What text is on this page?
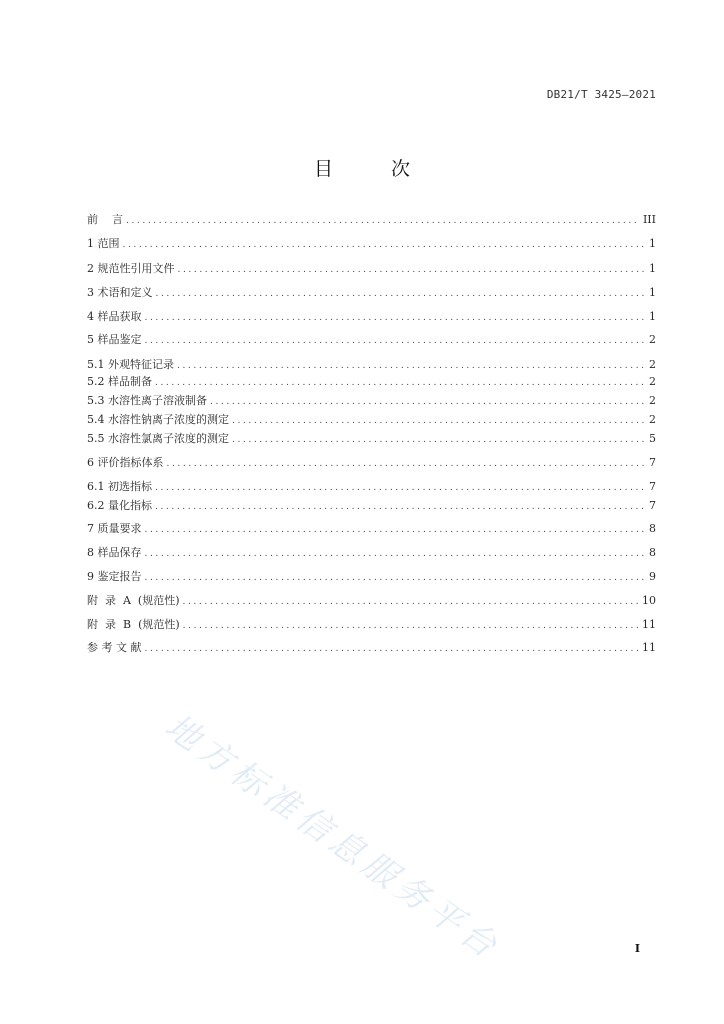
DB21/T 3425—2021
目 次
前    言 .....	III
1 范围 .....	1
2 规范性引用文件 .....	1
3 术语和定义 .....	1
4 样品获取 .....	1
5 样品鉴定 .....	2
5.1 外观特征记录 .....	2
5.2 样品制备 .....	2
5.3 水溶性离子溶液制备 .....	2
5.4 水溶性钠离子浓度的测定 .....	2
5.5 水溶性氯离子浓度的测定 .....	5
6 评价指标体系 .....	7
6.1 初选指标 .....	7
6.2 量化指标 .....	7
7 质量要求 .....	8
8 样品保存 .....	8
9 鉴定报告 .....	9
附  录  A  (规范性) .....	10
附  录  B  (规范性) .....	11
参 考 文 献 .....	11
地方标准信息服务平台	I
